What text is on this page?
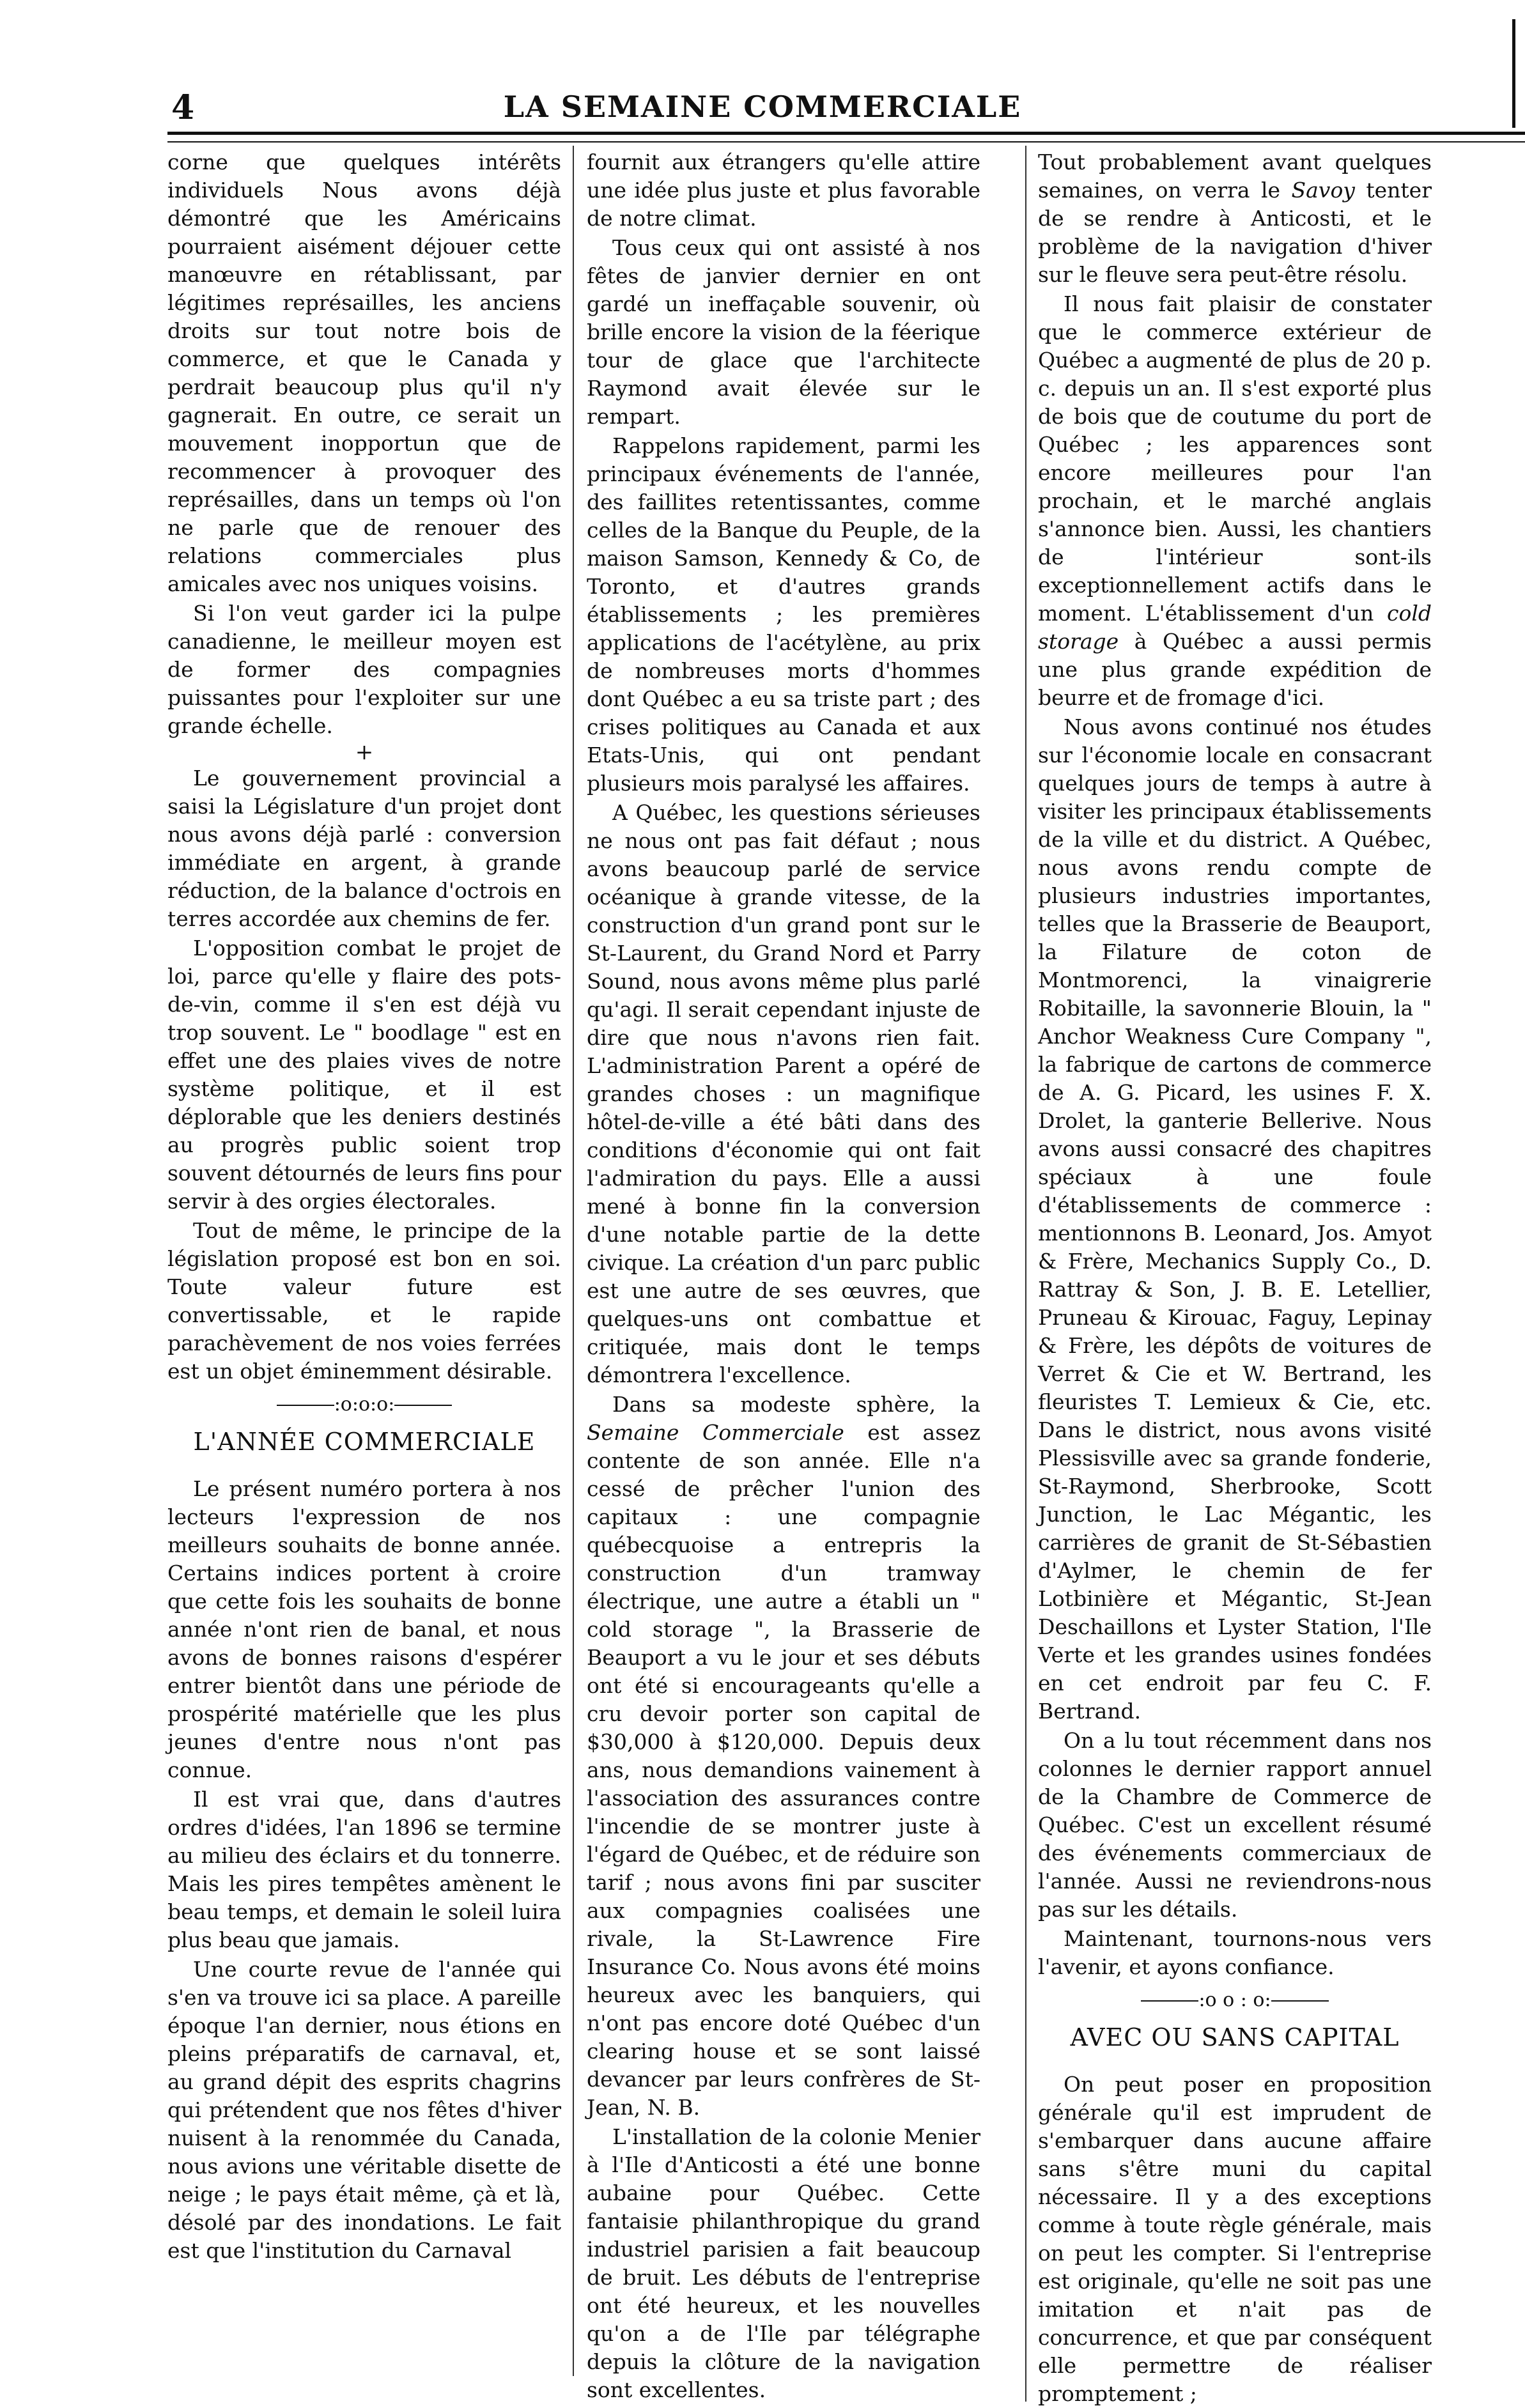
4	LA SEMAINE COMMERCIALE

corne que quelques intérêts individuels Nous avons déjà démontré que les Américains pourraient aisément déjouer cette manœuvre en rétablissant, par légitimes représailles, les anciens droits sur tout notre bois de commerce, et que le Canada y perdrait beaucoup plus qu'il n'y gagnerait. En outre, ce serait un mouvement inopportun que de recommencer à provoquer des représailles, dans un temps où l'on ne parle que de renouer des relations commerciales plus amicales avec nos uniques voisins.

Si l'on veut garder ici la pulpe canadienne, le meilleur moyen est de former des compagnies puissantes pour l'exploiter sur une grande échelle.

+

Le gouvernement provincial a saisi la Législature d'un projet dont nous avons déjà parlé : conversion immédiate en argent, à grande réduction, de la balance d'octrois en terres accordée aux chemins de fer.

L'opposition combat le projet de loi, parce qu'elle y flaire des pots-de-vin, comme il s'en est déjà vu trop souvent. Le " boodlage " est en effet une des plaies vives de notre système politique, et il est déplorable que les deniers destinés au progrès public soient trop souvent détournés de leurs fins pour servir à des orgies électorales.

Tout de même, le principe de la législation proposé est bon en soi. Toute valeur future est convertissable, et le rapide parachèvement de nos voies ferrées est un objet éminemment désirable.

:o:o:o:
L'ANNÉE COMMERCIALE

Le présent numéro portera à nos lecteurs l'expression de nos meilleurs souhaits de bonne année. Certains indices portent à croire que cette fois les souhaits de bonne année n'ont rien de banal, et nous avons de bonnes raisons d'espérer entrer bientôt dans une période de prospérité matérielle que les plus jeunes d'entre nous n'ont pas connue.

Il est vrai que, dans d'autres ordres d'idées, l'an 1896 se termine au milieu des éclairs et du tonnerre. Mais les pires tempêtes amènent le beau temps, et demain le soleil luira plus beau que jamais.

Une courte revue de l'année qui s'en va trouve ici sa place. A pareille époque l'an dernier, nous étions en pleins préparatifs de carnaval, et, au grand dépit des esprits chagrins qui prétendent que nos fêtes d'hiver nuisent à la renommée du Canada, nous avions une véritable disette de neige ; le pays était même, çà et là, désolé par des inondations. Le fait est que l'institution du Carnaval

fournit aux étrangers qu'elle attire une idée plus juste et plus favorable de notre climat.

Tous ceux qui ont assisté à nos fêtes de janvier dernier en ont gardé un ineffaçable souvenir, où brille encore la vision de la féerique tour de glace que l'architecte Raymond avait élevée sur le rempart.

Rappelons rapidement, parmi les principaux événements de l'année, des faillites retentissantes, comme celles de la Banque du Peuple, de la maison Samson, Kennedy & Co, de Toronto, et d'autres grands établissements ; les premières applications de l'acétylène, au prix de nombreuses morts d'hommes dont Québec a eu sa triste part ; des crises politiques au Canada et aux Etats-Unis, qui ont pendant plusieurs mois paralysé les affaires.

A Québec, les questions sérieuses ne nous ont pas fait défaut ; nous avons beaucoup parlé de service océanique à grande vitesse, de la construction d'un grand pont sur le St-Laurent, du Grand Nord et Parry Sound, nous avons même plus parlé qu'agi. Il serait cependant injuste de dire que nous n'avons rien fait. L'administration Parent a opéré de grandes choses : un magnifique hôtel-de-ville a été bâti dans des conditions d'économie qui ont fait l'admiration du pays. Elle a aussi mené à bonne fin la conversion d'une notable partie de la dette civique. La création d'un parc public est une autre de ses œuvres, que quelques-uns ont combattue et critiquée, mais dont le temps démontrera l'excellence.

Dans sa modeste sphère, la Semaine Commerciale est assez contente de son année. Elle n'a cessé de prêcher l'union des capitaux : une compagnie québecquoise a entrepris la construction d'un tramway électrique, une autre a établi un " cold storage ", la Brasserie de Beauport a vu le jour et ses débuts ont été si encourageants qu'elle a cru devoir porter son capital de $30,000 à $120,000. Depuis deux ans, nous demandions vainement à l'association des assurances contre l'incendie de se montrer juste à l'égard de Québec, et de réduire son tarif ; nous avons fini par susciter aux compagnies coalisées une rivale, la St-Lawrence Fire Insurance Co. Nous avons été moins heureux avec les banquiers, qui n'ont pas encore doté Québec d'un clearing house et se sont laissé devancer par leurs confrères de St-Jean, N. B.

L'installation de la colonie Menier à l'Ile d'Anticosti a été une bonne aubaine pour Québec. Cette fantaisie philanthropique du grand industriel parisien a fait beaucoup de bruit. Les débuts de l'entreprise ont été heureux, et les nouvelles qu'on a de l'Ile par télégraphe depuis la clôture de la navigation sont excellentes.

Tout probablement avant quelques semaines, on verra le Savoy tenter de se rendre à Anticosti, et le problème de la navigation d'hiver sur le fleuve sera peut-être résolu.

Il nous fait plaisir de constater que le commerce extérieur de Québec a augmenté de plus de 20 p. c. depuis un an. Il s'est exporté plus de bois que de coutume du port de Québec ; les apparences sont encore meilleures pour l'an prochain, et le marché anglais s'annonce bien. Aussi, les chantiers de l'intérieur sont-ils exceptionnellement actifs dans le moment. L'établissement d'un cold storage à Québec a aussi permis une plus grande expédition de beurre et de fromage d'ici.

Nous avons continué nos études sur l'économie locale en consacrant quelques jours de temps à autre à visiter les principaux établissements de la ville et du district. A Québec, nous avons rendu compte de plusieurs industries importantes, telles que la Brasserie de Beauport, la Filature de coton de Montmorenci, la vinaigrerie Robitaille, la savonnerie Blouin, la " Anchor Weakness Cure Company ", la fabrique de cartons de commerce de A. G. Picard, les usines F. X. Drolet, la ganterie Bellerive. Nous avons aussi consacré des chapitres spéciaux à une foule d'établissements de commerce : mentionnons B. Leonard, Jos. Amyot & Frère, Mechanics Supply Co., D. Rattray & Son, J. B. E. Letellier, Pruneau & Kirouac, Faguy, Lepinay & Frère, les dépôts de voitures de Verret & Cie et W. Bertrand, les fleuristes T. Lemieux & Cie, etc. Dans le district, nous avons visité Plessisville avec sa grande fonderie, St-Raymond, Sherbrooke, Scott Junction, le Lac Mégantic, les carrières de granit de St-Sébastien d'Aylmer, le chemin de fer Lotbinière et Mégantic, St-Jean Deschaillons et Lyster Station, l'Ile Verte et les grandes usines fondées en cet endroit par feu C. F. Bertrand.

On a lu tout récemment dans nos colonnes le dernier rapport annuel de la Chambre de Commerce de Québec. C'est un excellent résumé des événements commerciaux de l'année. Aussi ne reviendrons-nous pas sur les détails.

Maintenant, tournons-nous vers l'avenir, et ayons confiance.

:o o : o:
AVEC OU SANS CAPITAL

On peut poser en proposition générale qu'il est imprudent de s'embarquer dans aucune affaire sans s'être muni du capital nécessaire. Il y a des exceptions comme à toute règle générale, mais on peut les compter. Si l'entreprise est originale, qu'elle ne soit pas une imitation et n'ait pas de concurrence, et que par conséquent elle permettre de réaliser promptement ;
